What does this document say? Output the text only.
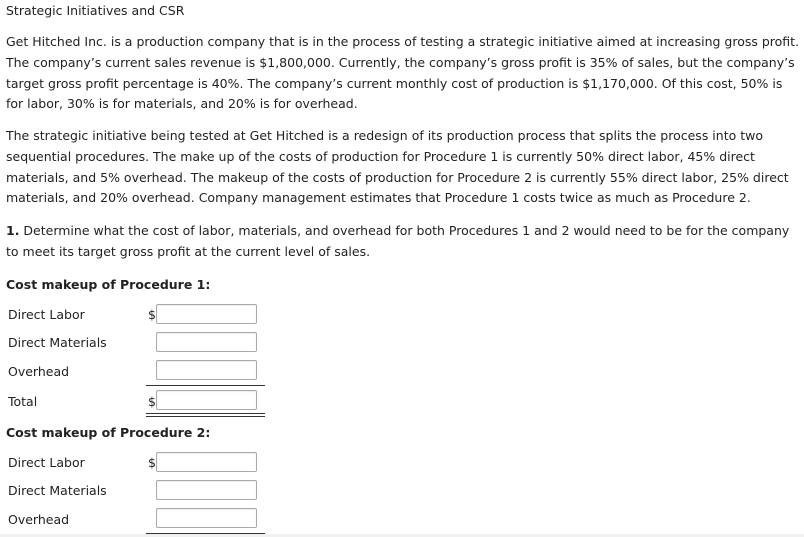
Strategic Initiatives and CSR

Get Hitched Inc. is a production company that is in the process of testing a strategic initiative aimed at increasing gross profit. The company’s current sales revenue is $1,800,000. Currently, the company’s gross profit is 35% of sales, but the company’s target gross profit percentage is 40%. The company’s current monthly cost of production is $1,170,000. Of this cost, 50% is for labor, 30% is for materials, and 20% is for overhead.

The strategic initiative being tested at Get Hitched is a redesign of its production process that splits the process into two sequential procedures. The make up of the costs of production for Procedure 1 is currently 50% direct labor, 45% direct materials, and 5% overhead. The makeup of the costs of production for Procedure 2 is currently 55% direct labor, 25% direct materials, and 20% overhead. Company management estimates that Procedure 1 costs twice as much as Procedure 2.

1. Determine what the cost of labor, materials, and overhead for both Procedures 1 and 2 would need to be for the company to meet its target gross profit at the current level of sales.

Cost makeup of Procedure 1:
Direct Labor	$
Direct Materials
Overhead
Total	$
Cost makeup of Procedure 2:
Direct Labor	$
Direct Materials
Overhead
